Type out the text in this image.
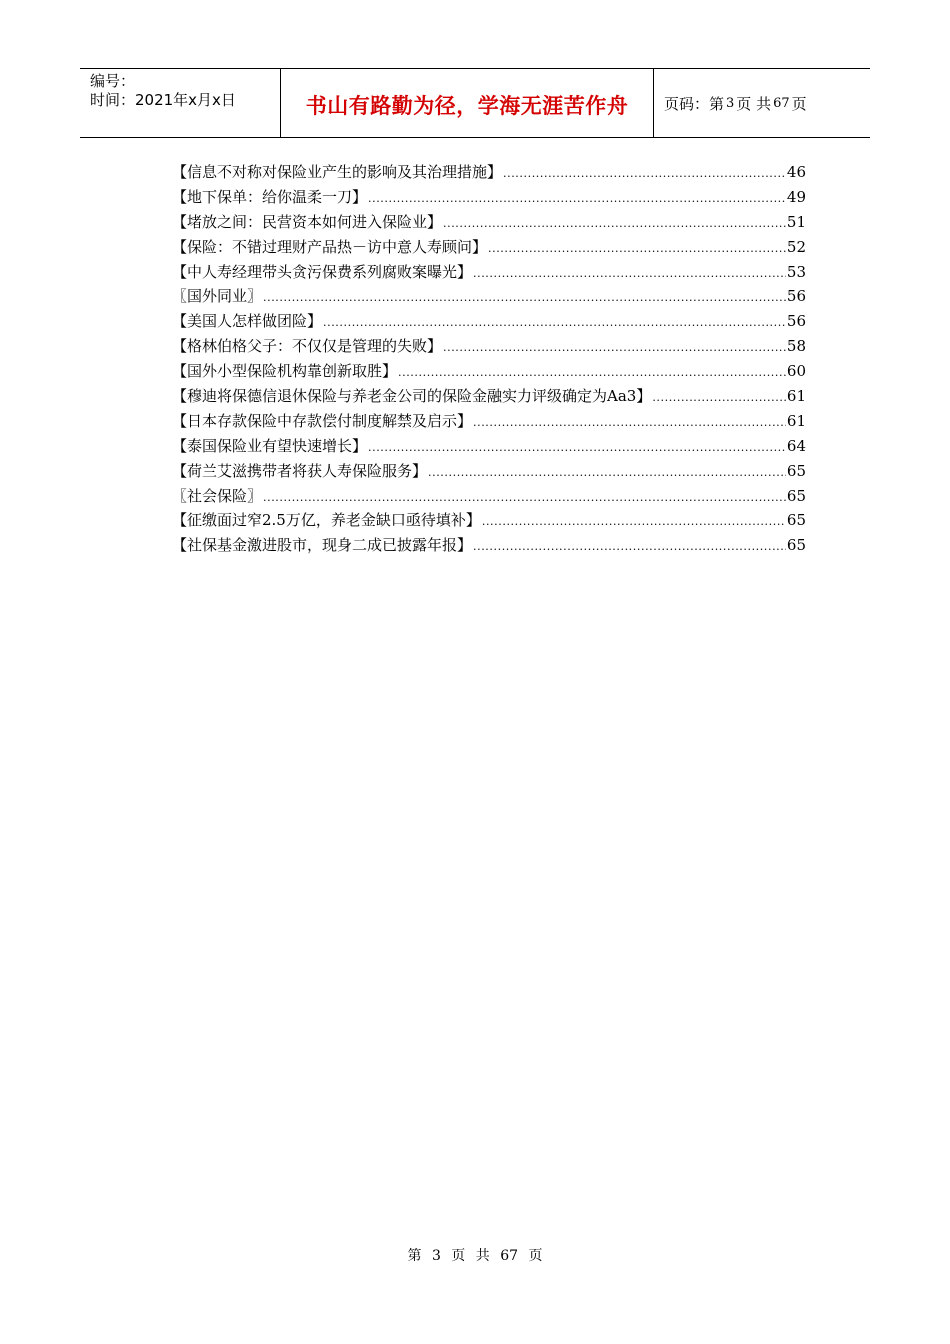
编号：
时间：2021年x月x日	书山有路勤为径，学海无涯苦作舟 页码：第 3 页 共 67 页
【信息不对称对保险业产生的影响及其治理措施】 .....	46
【地下保单：给你温柔一刀】 .....	49
【堵放之间：民营资本如何进入保险业】 .....	51
【保险：不错过理财产品热－访中意人寿顾问】 .....	52
【中人寿经理带头贪污保费系列腐败案曝光】 .....	53
〖国外同业〗 .....	56
【美国人怎样做团险】 .....	56
【格林伯格父子：不仅仅是管理的失败】 .....	58
【国外小型保险机构靠创新取胜】 .....	60
【穆迪将保德信退休保险与养老金公司的保险金融实力评级确定为Aa3】 .....	61
【日本存款保险中存款偿付制度解禁及启示】 .....	61
【泰国保险业有望快速增长】 .....	64
【荷兰艾滋携带者将获人寿保险服务】 .....	65
〖社会保险〗 .....	65
【征缴面过窄2.5万亿，养老金缺口亟待填补】 .....	65
【社保基金激进股市，现身二成已披露年报】 .....	65
第 3 页 共 67 页
